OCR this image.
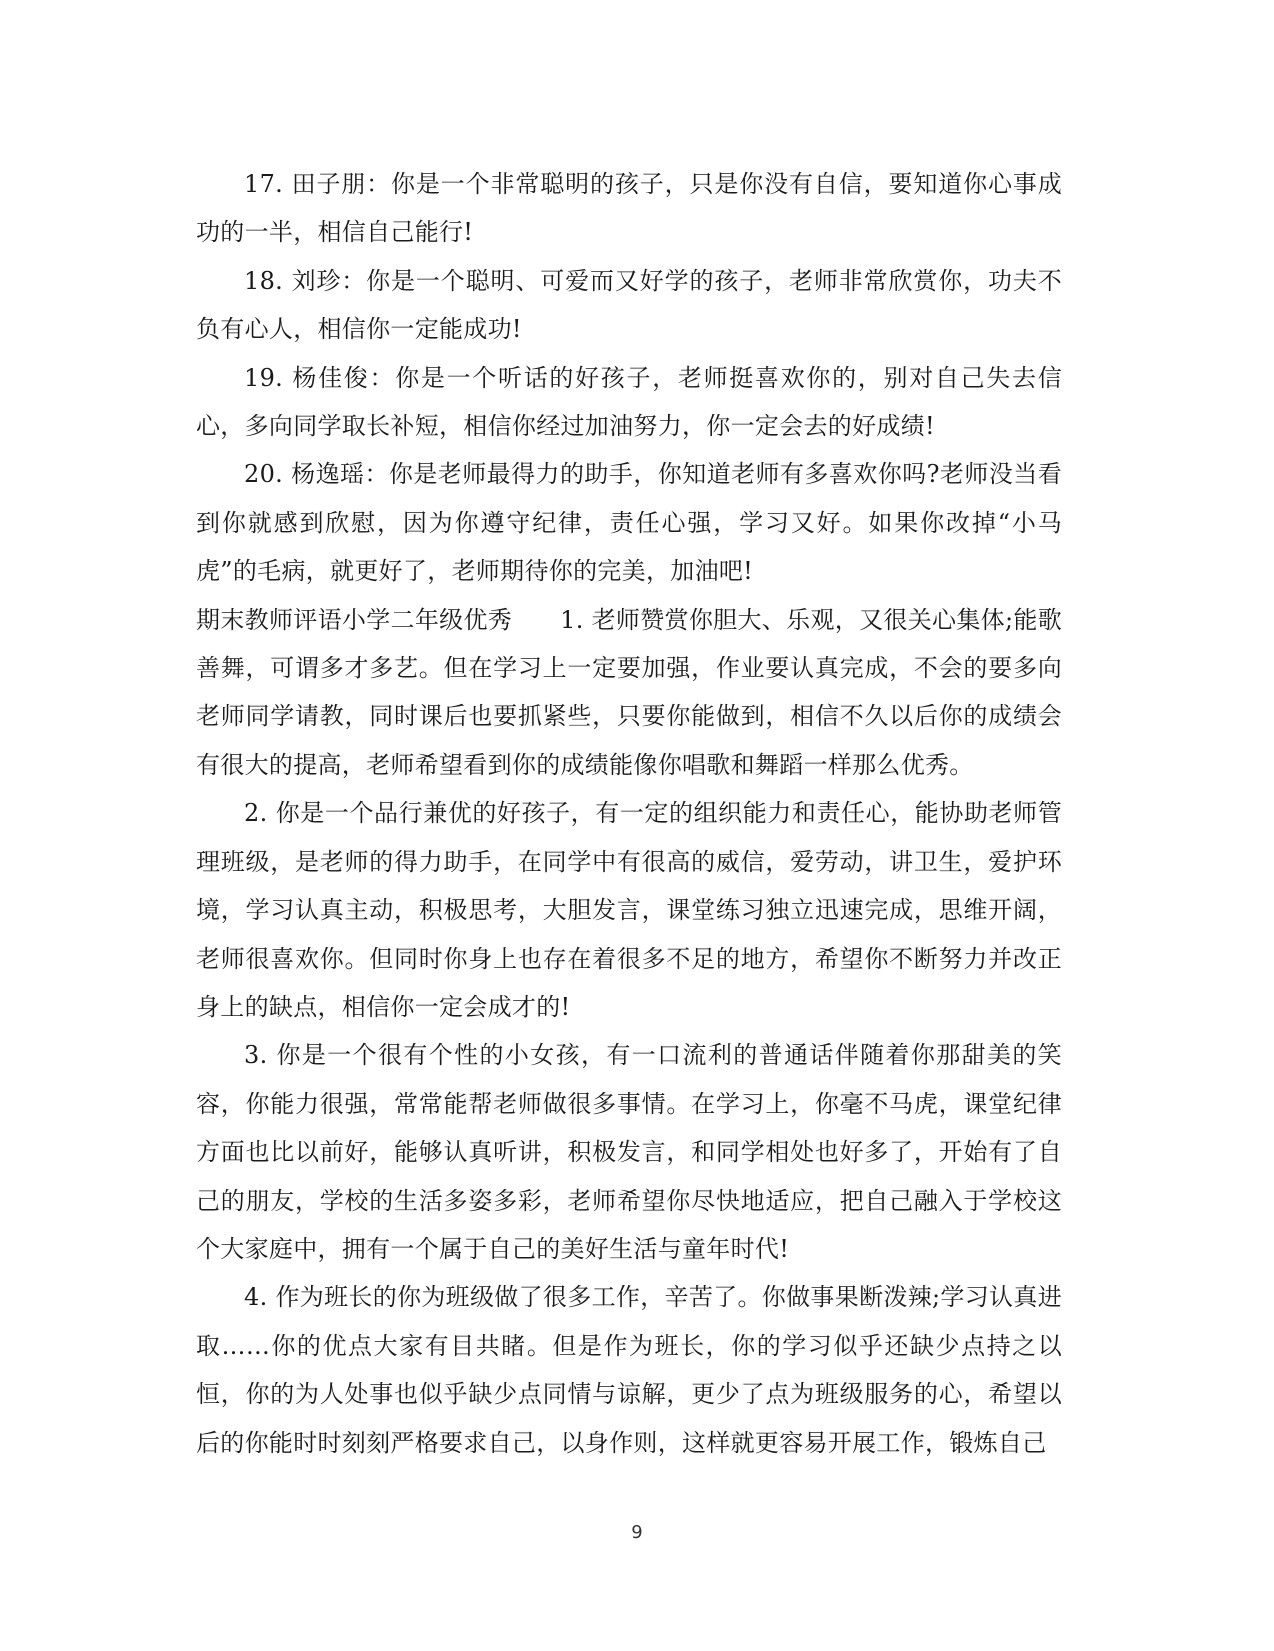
17. 田子朋：你是一个非常聪明的孩子，只是你没有自信，要知道你心事成功的一半，相信自己能行!

18. 刘珍：你是一个聪明、可爱而又好学的孩子，老师非常欣赏你，功夫不负有心人，相信你一定能成功!

19. 杨佳俊：你是一个听话的好孩子，老师挺喜欢你的，别对自己失去信心，多向同学取长补短，相信你经过加油努力，你一定会去的好成绩!

20. 杨逸瑶：你是老师最得力的助手，你知道老师有多喜欢你吗?老师没当看到你就感到欣慰，因为你遵守纪律，责任心强，学习又好。如果你改掉“小马虎”的毛病，就更好了，老师期待你的完美，加油吧!

期末教师评语小学二年级优秀 1. 老师赞赏你胆大、乐观，又很关心集体;能歌善舞，可谓多才多艺。但在学习上一定要加强，作业要认真完成，不会的要多向老师同学请教，同时课后也要抓紧些，只要你能做到，相信不久以后你的成绩会有很大的提高，老师希望看到你的成绩能像你唱歌和舞蹈一样那么优秀。

2. 你是一个品行兼优的好孩子，有一定的组织能力和责任心，能协助老师管理班级，是老师的得力助手，在同学中有很高的威信，爱劳动，讲卫生，爱护环境，学习认真主动，积极思考，大胆发言，课堂练习独立迅速完成，思维开阔，老师很喜欢你。但同时你身上也存在着很多不足的地方，希望你不断努力并改正身上的缺点，相信你一定会成才的!

3. 你是一个很有个性的小女孩，有一口流利的普通话伴随着你那甜美的笑容，你能力很强，常常能帮老师做很多事情。在学习上，你毫不马虎，课堂纪律方面也比以前好，能够认真听讲，积极发言，和同学相处也好多了，开始有了自己的朋友，学校的生活多姿多彩，老师希望你尽快地适应，把自己融入于学校这个大家庭中，拥有一个属于自己的美好生活与童年时代!

4. 作为班长的你为班级做了很多工作，辛苦了。你做事果断泼辣;学习认真进取……你的优点大家有目共睹。但是作为班长，你的学习似乎还缺少点持之以恒，你的为人处事也似乎缺少点同情与谅解，更少了点为班级服务的心，希望以后的你能时时刻刻严格要求自己，以身作则，这样就更容易开展工作，锻炼自己

9
